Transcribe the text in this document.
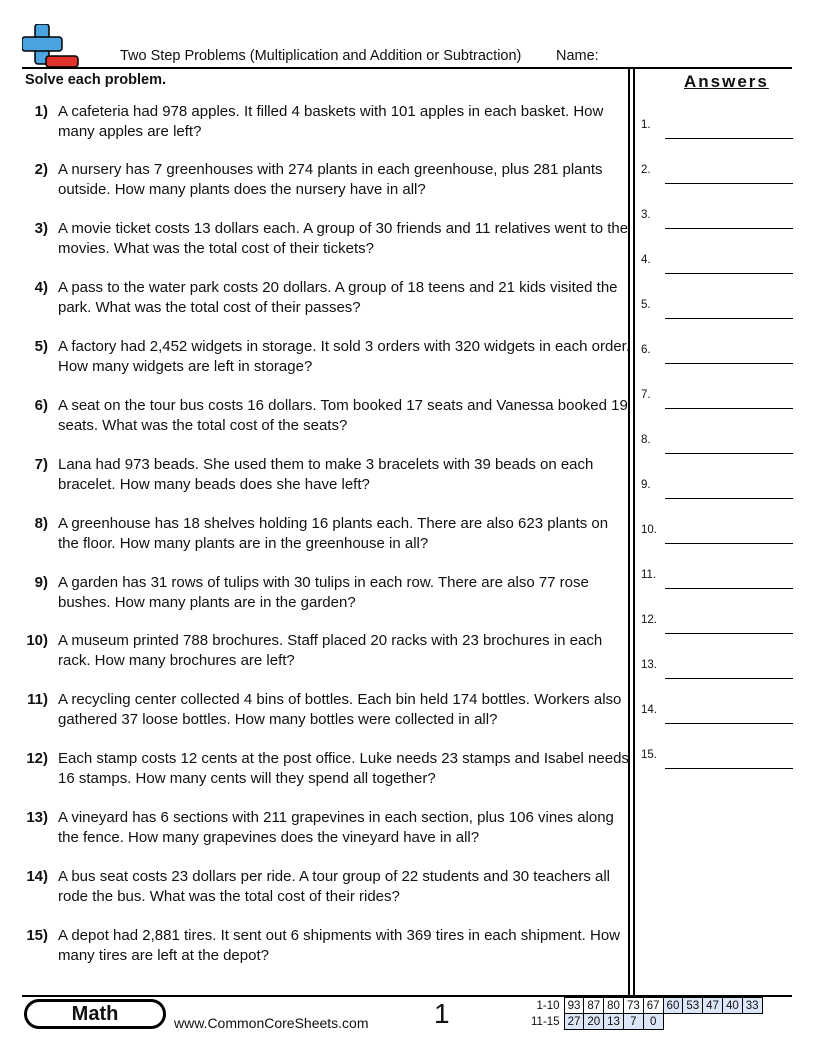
Two Step Problems (Multiplication and Addition or Subtraction) Name:
Solve each problem.	Answers
1) A cafeteria had 978 apples. It filled 4 baskets with 101 apples in each basket. How many apples are left?
2) A nursery has 7 greenhouses with 274 plants in each greenhouse, plus 281 plants outside. How many plants does the nursery have in all?
3) A movie ticket costs 13 dollars each. A group of 30 friends and 11 relatives went to the movies. What was the total cost of their tickets?
4) A pass to the water park costs 20 dollars. A group of 18 teens and 21 kids visited the park. What was the total cost of their passes?
5) A factory had 2,452 widgets in storage. It sold 3 orders with 320 widgets in each order. How many widgets are left in storage?
6) A seat on the tour bus costs 16 dollars. Tom booked 17 seats and Vanessa booked 19 seats. What was the total cost of the seats?
7) Lana had 973 beads. She used them to make 3 bracelets with 39 beads on each bracelet. How many beads does she have left?
8) A greenhouse has 18 shelves holding 16 plants each. There are also 623 plants on the floor. How many plants are in the greenhouse in all?
9) A garden has 31 rows of tulips with 30 tulips in each row. There are also 77 rose bushes. How many plants are in the garden?
10) A museum printed 788 brochures. Staff placed 20 racks with 23 brochures in each rack. How many brochures are left?
11) A recycling center collected 4 bins of bottles. Each bin held 174 bottles. Workers also gathered 37 loose bottles. How many bottles were collected in all?
12) Each stamp costs 12 cents at the post office. Luke needs 23 stamps and Isabel needs 16 stamps. How many cents will they spend all together?
13) A vineyard has 6 sections with 211 grapevines in each section, plus 106 vines along the fence. How many grapevines does the vineyard have in all?
14) A bus seat costs 23 dollars per ride. A tour group of 22 students and 30 teachers all rode the bus. What was the total cost of their rides?
15) A depot had 2,881 tires. It sent out 6 shipments with 369 tires in each shipment. How many tires are left at the depot?
1.
2.
3.
4.
5.
6.
7.
8.
9.
10.
11.
12.
13.
14.
15.
Math	www.CommonCoreSheets.com 1	1-10	93	87	80	73	67	60	53	47	40	33
11-15	27	20	13	7	0					
